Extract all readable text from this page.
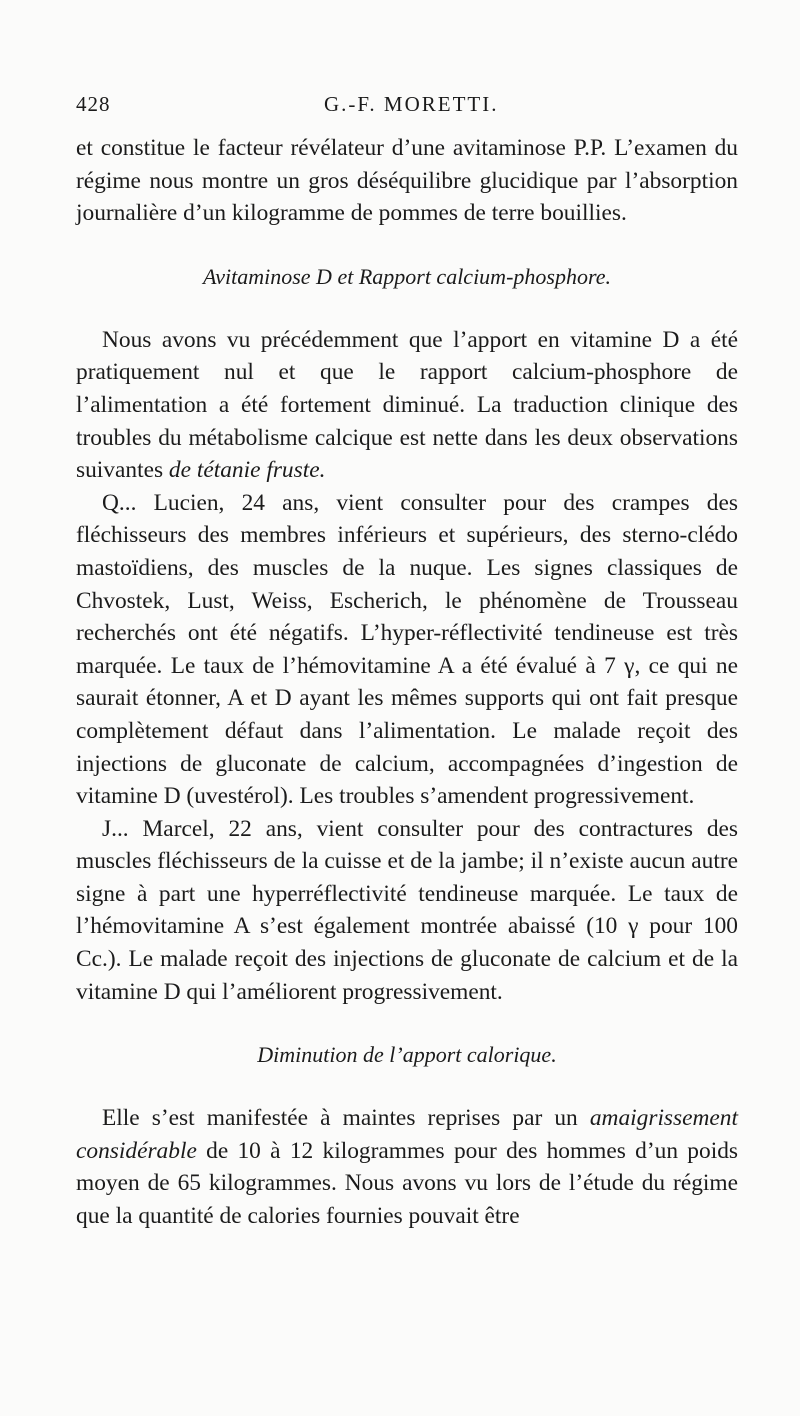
428	G.-F. MORETTI.

et constitue le facteur révélateur d’une avitaminose P.P. L’examen du régime nous montre un gros déséquilibre glucidique par l’absorption journalière d’un kilogramme de pommes de terre bouillies.

Avitaminose D et Rapport calcium-phosphore.

Nous avons vu précédemment que l’apport en vitamine D a été pratiquement nul et que le rapport calcium-phosphore de l’alimentation a été fortement diminué. La traduction clinique des troubles du métabolisme calcique est nette dans les deux observations suivantes de tétanie fruste.

Q... Lucien, 24 ans, vient consulter pour des crampes des fléchisseurs des membres inférieurs et supérieurs, des sterno-clédo mastoïdiens, des muscles de la nuque. Les signes classiques de Chvostek, Lust, Weiss, Escherich, le phénomène de Trousseau recherchés ont été négatifs. L’hyper-réflectivité tendineuse est très marquée. Le taux de l’hémovitamine A a été évalué à 7 γ, ce qui ne saurait étonner, A et D ayant les mêmes supports qui ont fait presque complètement défaut dans l’alimentation. Le malade reçoit des injections de gluconate de calcium, accompagnées d’ingestion de vitamine D (uvestérol). Les troubles s’amendent progressivement.

J... Marcel, 22 ans, vient consulter pour des contractures des muscles fléchisseurs de la cuisse et de la jambe; il n’existe aucun autre signe à part une hyperréflectivité tendineuse marquée. Le taux de l’hémovitamine A s’est également montrée abaissé (10 γ pour 100 Cc.). Le malade reçoit des injections de gluconate de calcium et de la vitamine D qui l’améliorent progressivement.

Diminution de l’apport calorique.

Elle s’est manifestée à maintes reprises par un amaigrissement considérable de 10 à 12 kilogrammes pour des hommes d’un poids moyen de 65 kilogrammes. Nous avons vu lors de l’étude du régime que la quantité de calories fournies pouvait être
